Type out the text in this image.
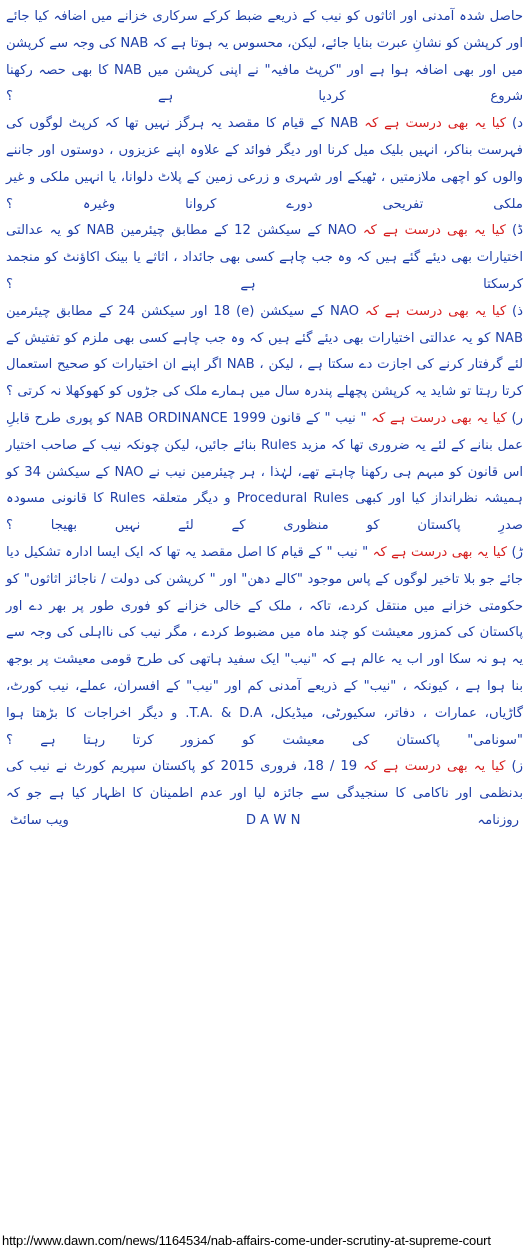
حاصل شدہ آمدنی اور اثاثوں کو نیب کے ذریعے ضبط کرکے سرکاری خزانے میں اضافہ کیا جائے اور کرپشن کو نشانِ عبرت بنایا جائے، لیکن، محسوس یہ ہوتا ہے کہ NAB کی وجہ سے کرپشن میں اور بھی اضافہ ہوا ہے اور "کرپٹ مافیہ" نے اپنی کرپشن میں NAB کا بھی حصہ رکھنا شروع کردیا ہے ؟

د) کیا یہ بھی درست ہے کہ NAB کے قیام کا مقصد یہ ہرگز نہیں تھا کہ کرپٹ لوگوں کی فہرست بناکر، انہیں بلیک میل کرنا اور دیگر فوائد کے علاوہ اپنے عزیزوں ، دوستوں اور جاننے والوں کو اچھی ملازمتیں ، ٹھیکے اور شہری و زرعی زمین کے پلاٹ دلوانا، یا انہیں ملکی و غیر ملکی تفریحی دورے کروانا وغیرہ ؟

ڈ) کیا یہ بھی درست ہے کہ NAO کے سیکشن 12 کے مطابق چیئرمین NAB کو یہ عدالتی اختیارات بھی دیئے گئے ہیں کہ وہ جب چاہے کسی بھی جائداد ، اثاثے یا بینک اکاؤنٹ کو منجمد کرسکتا ہے ؟

ذ) کیا یہ بھی درست ہے کہ NAO کے سیکشن (e) 18 اور سیکشن 24 کے مطابق چیئرمین NAB کو یہ عدالتی اختیارات بھی دیئے گئے ہیں کہ وہ جب چاہے کسی بھی ملزم کو تفتیش کے لئے گرفتار کرنے کی اجازت دے سکتا ہے ، لیکن ، NAB اگر اپنے ان اختیارات کو صحیح استعمال کرتا رہتا تو شاید یہ کرپشن پچھلے پندرہ سال میں ہمارے ملک کی جڑوں کو کھوکھلا نہ کرتی ؟

ر) کیا یہ بھی درست ہے کہ " نیب " کے قانون NAB ORDINANCE 1999 کو پوری طرح قابلِ عمل بنانے کے لئے یہ ضروری تھا کہ مزید Rules بنائے جائیں، لیکن چونکہ نیب کے صاحب اختیار اس قانون کو مبہم ہی رکھنا چاہتے تھے، لہٰذا ، ہر چیئرمین نیب نے NAO کے سیکشن 34 کو ہمیشہ نظرانداز کیا اور کبھی Procedural Rules و دیگر متعلقہ Rules کا قانونی مسودہ صدرِ پاکستان کو منظوری کے لئے نہیں بھیجا ؟

ڑ) کیا یہ بھی درست ہے کہ " نیب " کے قیام کا اصل مقصد یہ تھا کہ ایک ایسا ادارہ تشکیل دیا جائے جو بلا تاخیر لوگوں کے پاس موجود "کالے دھن" اور " کرپشن کی دولت / ناجائز اثاثوں" کو حکومتی خزانے میں منتقل کردے، تاکہ ، ملک کے خالی خزانے کو فوری طور پر بھر دے اور پاکستان کی کمزور معیشت کو چند ماہ میں مضبوط کردے ، مگر نیب کی نااہلی کی وجہ سے یہ ہو نہ سکا اور اب یہ عالم ہے کہ "نیب" ایک سفید ہاتھی کی طرح قومی معیشت پر بوجھ بنا ہوا ہے ، کیونکہ ، "نیب" کے ذریعے آمدنی کم اور "نیب" کے افسران، عملے، نیب کورٹ، گاڑیاں، عمارات ، دفاتر، سکیورٹی، میڈیکل، T.A. & D.A. و دیگر اخراجات کا بڑھتا ہوا "سونامی" پاکستان کی معیشت کو کمزور کرتا رہتا ہے ؟

ز) کیا یہ بھی درست ہے کہ 19 / 18، فروری 2015 کو پاکستان سپریم کورٹ نے نیب کی بدنظمی اور ناکامی کا سنجیدگی سے جائزہ لیا اور عدم اطمینان کا اظہار کیا ہے جو کہ

روزنامہ
D A W N
ویب سائٹ
http://www.dawn.com/news/1164534/nab-affairs-come-under-scrutiny-at-supreme-court
